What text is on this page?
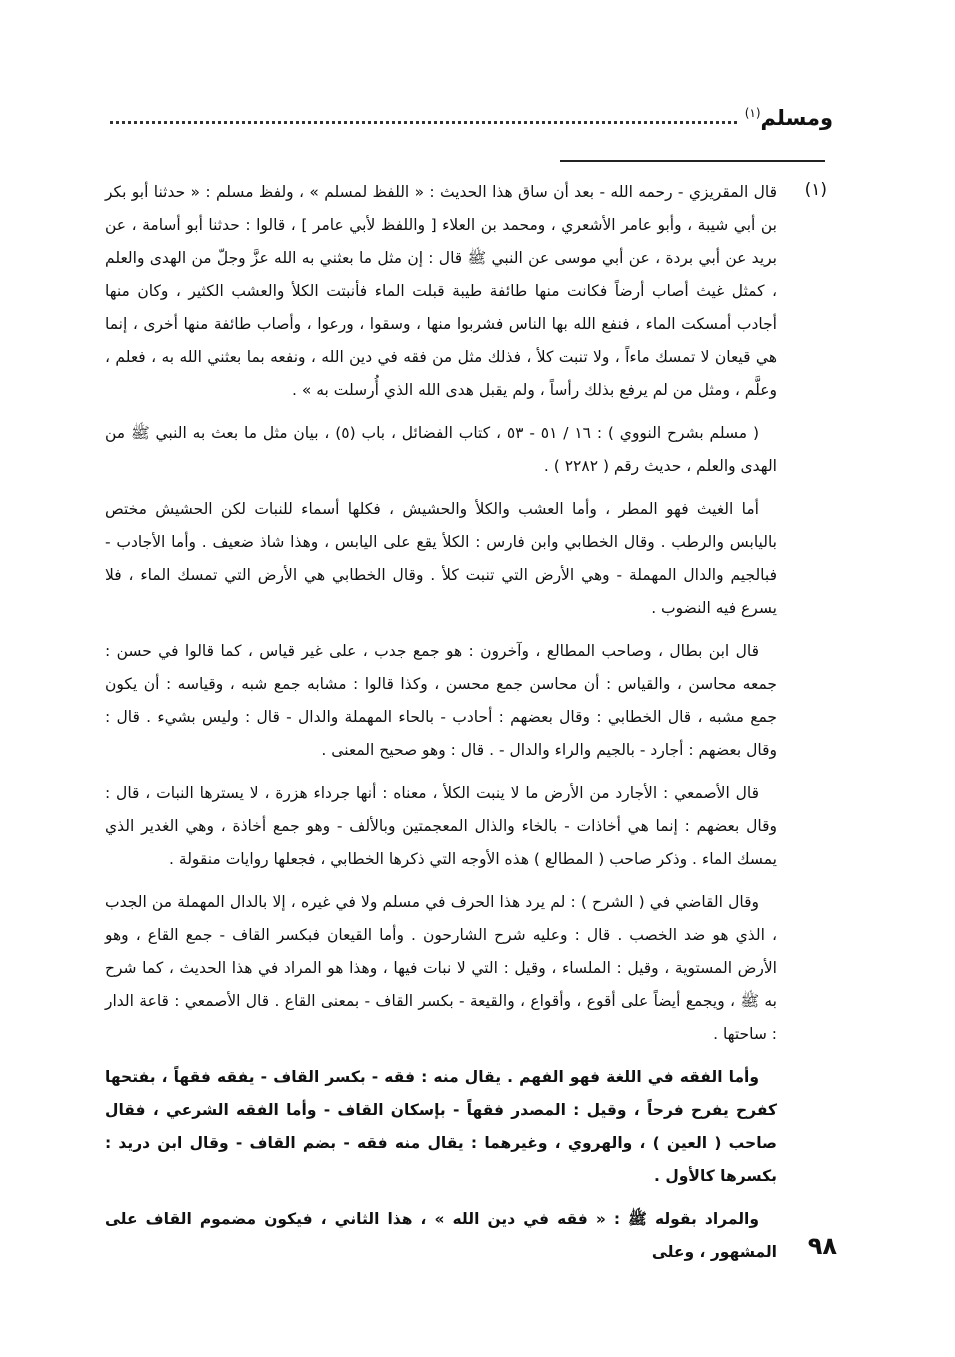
ومسلم$^{(١)}$
(١)

قال المقريزي - رحمه الله - بعد أن ساق هذا الحديث : « اللفظ لمسلم » ، ولفظ مسلم : « حدثنا أبو بكر بن أبي شيبة ، وأبو عامر الأشعري ، ومحمد بن العلاء [ واللفظ لأبي عامر ] ، قالوا : حدثنا أبو أسامة ، عن بريد عن أبي بردة ، عن أبي موسى عن النبي ﷺ قال : إن مثل ما بعثني به الله عزَّ وجلّ من الهدى والعلم ، كمثل غيث أصاب أرضاً فكانت منها طائفة طيبة قبلت الماء فأنبتت الكلأ والعشب الكثير ، وكان منها أجادب أمسكت الماء ، فنفع الله بها الناس فشربوا منها ، وسقوا ، ورعوا ، وأصاب طائفة منها أخرى ، إنما هي قيعان لا تمسك ماءاً ، ولا تنبت كلأ ، فذلك مثل من فقه في دين الله ، ونفعه بما بعثني الله به ، فعلم ، وعلَّم ، ومثل من لم يرفع بذلك رأساً ، ولم يقبل هدى الله الذي أُرسلت به » .

( مسلم بشرح النووي ) : ١٦ / ٥١ - ٥٣ ، كتاب الفضائل ، باب (٥) ، بيان مثل ما بعث به النبي ﷺ من الهدى والعلم ، حديث رقم ( ٢٢٨٢ ) .

أما الغيث فهو المطر ، وأما العشب والكلأ والحشيش ، فكلها أسماء للنبات لكن الحشيش مختص باليابس والرطب . وقال الخطابي وابن فارس : الكلأ يقع على اليابس ، وهذا شاذ ضعيف . وأما الأجادب - فبالجيم والدال المهملة - وهي الأرض التي تنبت كلأ . وقال الخطابي هي الأرض التي تمسك الماء ، فلا يسرع فيه النضوب .

قال ابن بطال ، وصاحب المطالع ، وآخرون : هو جمع جدب ، على غير قياس ، كما قالوا في حسن : جمعه محاسن ، والقياس : أن محاسن جمع محسن ، وكذا قالوا : مشابه جمع شبه ، وقياسه : أن يكون جمع مشبه ، قال الخطابي : وقال بعضهم : أحادب - بالحاء المهملة والدال - قال : وليس بشيء . قال : وقال بعضهم : أجارد - بالجيم والراء والدال - . قال : وهو صحيح المعنى .

قال الأصمعي : الأجارد من الأرض ما لا ينبت الكلأ ، معناه : أنها جرداء هزرة ، لا يسترها النبات ، قال : وقال بعضهم : إنما هي أخاذات - بالخاء والذال المعجمتين وبالألف - وهو جمع أخاذة ، وهي الغدير الذي يمسك الماء . وذكر صاحب ( المطالع ) هذه الأوجه التي ذكرها الخطابي ، فجعلها روايات منقولة .

وقال القاضي في ( الشرح ) : لم يرد هذا الحرف في مسلم ولا في غيره ، إلا بالدال المهملة من الجدب ، الذي هو ضد الخصب . قال : وعليه شرح الشارحون . وأما القيعان فبكسر القاف - جمع القاع ، وهو الأرض المستوية ، وقيل : الملساء ، وقيل : التي لا نبات فيها ، وهذا هو المراد في هذا الحديث ، كما شرح به ﷺ ، ويجمع أيضاً على أقوع ، وأقواع ، والقيعة - بكسر القاف - بمعنى القاع . قال الأصمعي : قاعة الدار : ساحتها .

وأما الفقه في اللغة فهو الفهم . يقال منه : فقه - بكسر القاف - يفقه فقهاً ، بفتحها كفرح يفرح فرحاً ، وقيل : المصدر فقهاً - بإسكان القاف - وأما الفقه الشرعي ، فقال صاحب ( العين ) ، والهروي ، وغيرهما : يقال منه فقه - بضم القاف - وقال ابن دريد : بكسرها كالأول .

والمراد بقوله ﷺ : « فقه في دين الله » ، هذا الثاني ، فيكون مضموم القاف على المشهور ، وعلى ٩٨
